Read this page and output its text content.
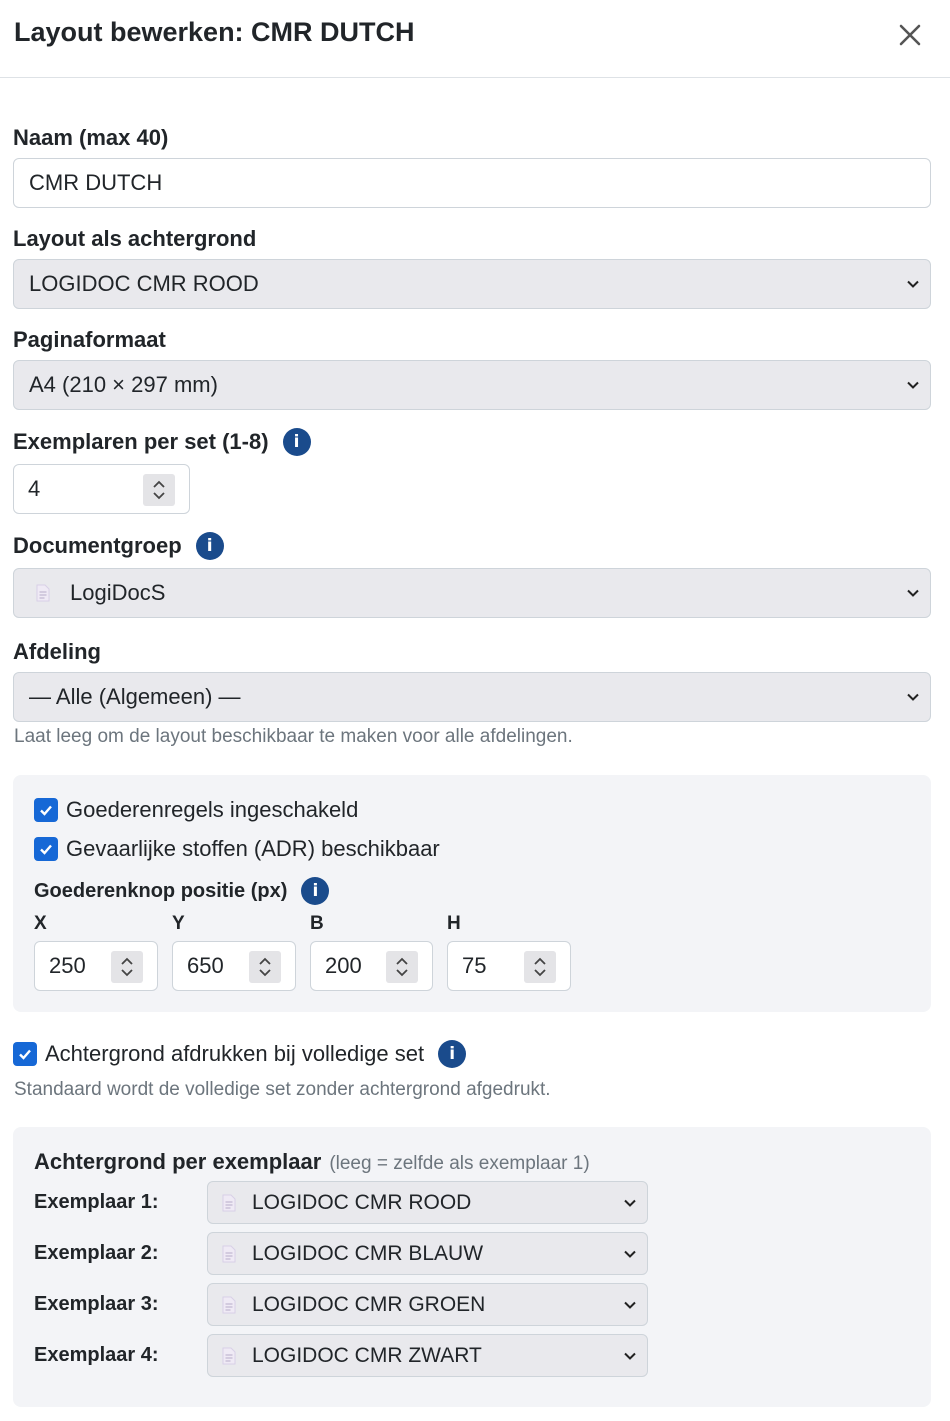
Layout bewerken: CMR DUTCH
Naam (max 40)
CMR DUTCH
Layout als achtergrond
LOGIDOC CMR ROOD
Paginaformaat
A4 (210 × 297 mm)
Exemplaren per set (1-8)	i
4
Documentgroep	i
LogiDocS
Afdeling
— Alle (Algemeen) —
Laat leeg om de layout beschikbaar te maken voor alle afdelingen.
Goederenregels ingeschakeld
Gevaarlijke stoffen (ADR) beschikbaar
Goederenknop positie (px)	i
X	Y	B	H
250	650	200	75
Achtergrond afdrukken bij volledige set	i
Standaard wordt de volledige set zonder achtergrond afgedrukt.
Achtergrond per exemplaar (leeg = zelfde als exemplaar 1)
Exemplaar 1:	LOGIDOC CMR ROOD
Exemplaar 2:	LOGIDOC CMR BLAUW
Exemplaar 3:	LOGIDOC CMR GROEN
Exemplaar 4:	LOGIDOC CMR ZWART
